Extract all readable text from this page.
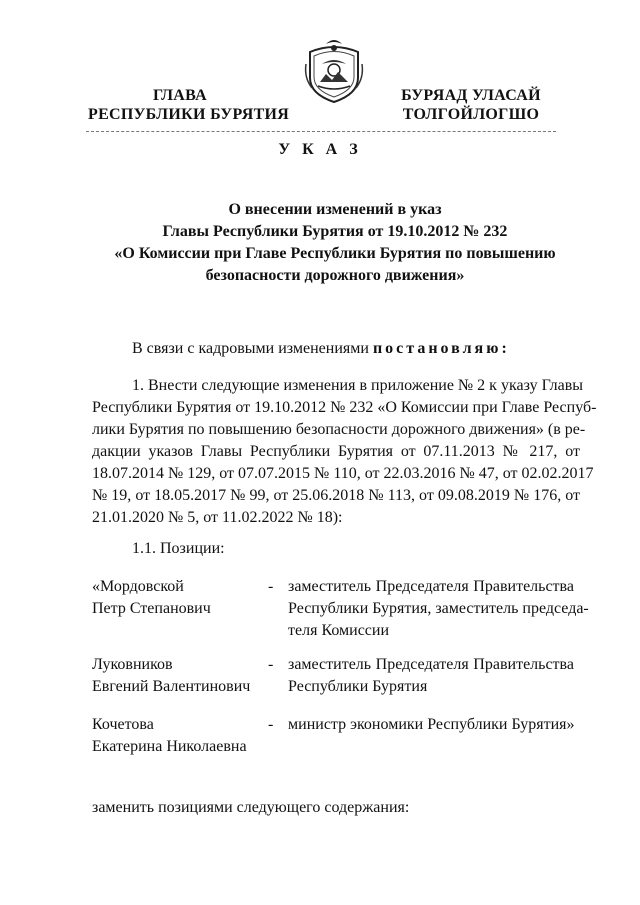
ГЛАВА
РЕСПУБЛИКИ БУРЯТИЯ
БУРЯАД УЛАСАЙ
ТОЛГОЙЛОГШО
У К А З
О внесении изменений в указ
Главы Республики Бурятия от 19.10.2012 № 232
«О Комиссии при Главе Республики Бурятия по повышению
безопасности дорожного движения»
В связи с кадровыми изменениями постановляю:
1. Внести следующие изменения в приложение № 2 к указу Главы
Республики Бурятия от 19.10.2012 № 232 «О Комиссии при Главе Респуб-
лики Бурятия по повышению безопасности дорожного движения» (в ре-
дакции указов Главы Республики Бурятия от 07.11.2013 № 217, от
18.07.2014 № 129, от 07.07.2015 № 110, от 22.03.2016 № 47, от 02.02.2017
№ 19, от 18.05.2017 № 99, от 25.06.2018 № 113, от 09.08.2019 № 176, от
21.01.2020 № 5, от 11.02.2022 № 18):
1.1. Позиции:
«Мордовской
Петр Степанович
- заместитель Председателя Правительства
Республики Бурятия, заместитель председа-
теля Комиссии
Луковников
Евгений Валентинович
- заместитель Председателя Правительства
Республики Бурятия
Кочетова
Екатерина Николаевна
- министр экономики Республики Бурятия»
заменить позициями следующего содержания:
